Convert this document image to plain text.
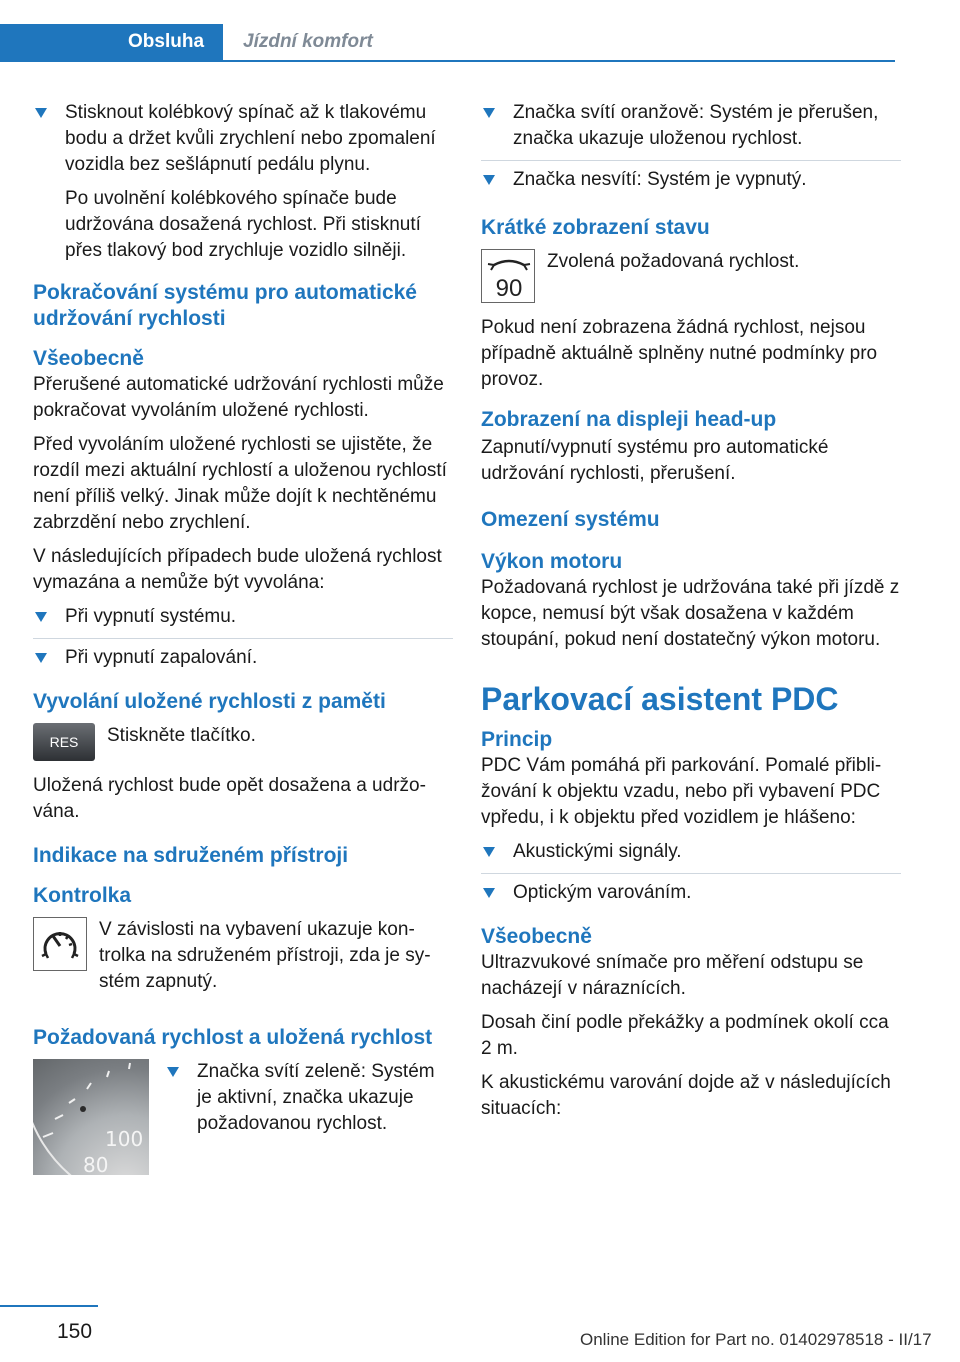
Obsluha Jízdní komfort
Stisknout kolébkový spínač až k tlakovému bodu a držet kvůli zrychlení nebo zpomalení vozidla bez sešlápnutí pedálu plynu.
Po uvolnění kolébkového spínače bude udržována dosažená rychlost. Při stisknutí přes tlakový bod zrychluje vozidlo silněji.
Pokračování systému pro automatické udržování rychlosti
Všeobecně

Přerušené automatické udržování rychlosti může pokračovat vyvoláním uložené rychlosti.

Před vyvoláním uložené rychlosti se ujistěte, že rozdíl mezi aktuální rychlostí a uloženou rychlostí není příliš velký. Jinak může dojít k nechtěnému zabrzdění nebo zrychlení.

V následujících případech bude uložená rychlost vymazána a nemůže být vyvolána:

Při vypnutí systému.
Při vypnutí zapalování.
Vyvolání uložené rychlosti z paměti
RES	Stiskněte tlačítko.

Uložená rychlost bude opět dosažena a udržována.

Indikace na sdruženém přístroji
Kontrolka
V závislosti na vybavení ukazuje kontrolka na sdruženém přístroji, zda je systém zapnutý.
Požadovaná rychlost a uložená rychlost
100
80
Značka svítí zeleně: Systém je aktivní, značka ukazuje požadovanou rychlost.
Značka svítí oranžově: Systém je přerušen, značka ukazuje uloženou rychlost.
Značka nesvítí: Systém je vypnutý.
Krátké zobrazení stavu
90
Zvolená požadovaná rychlost.

Pokud není zobrazena žádná rychlost, nejsou případně aktuálně splněny nutné podmínky pro provoz.

Zobrazení na displeji head-up

Zapnutí/vypnutí systému pro automatické udržování rychlosti, přerušení.

Omezení systému
Výkon motoru

Požadovaná rychlost je udržována také při jízdě z kopce, nemusí být však dosažena v každém stoupání, pokud není dostatečný výkon motoru.

Parkovací asistent PDC
Princip

PDC Vám pomáhá při parkování. Pomalé přibližování k objektu vzadu, nebo při vybavení PDC vpředu, i k objektu před vozidlem je hlášeno:

Akustickými signály.
Optickým varováním.
Všeobecně

Ultrazvukové snímače pro měření odstupu se nacházejí v náraznících.

Dosah činí podle překážky a podmínek okolí cca 2 m.

K akustickému varování dojde až v následujících situacích:

150	Online Edition for Part no. 01402978518 - II/17
